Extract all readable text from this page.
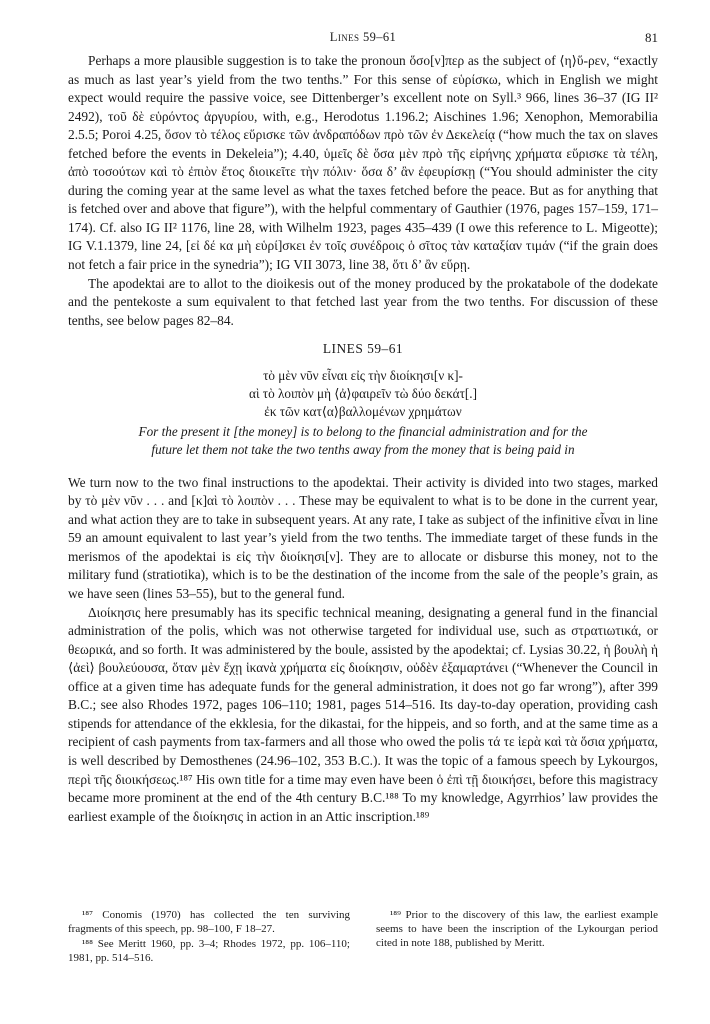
Lines 59–61	81

Perhaps a more plausible suggestion is to take the pronoun ὅσο[ν]περ as the subject of ⟨η⟩ὕ-ρεν, “exactly as much as last year’s yield from the two tenths.” For this sense of εὑρίσκω, which in English we might expect would require the passive voice, see Dittenberger’s excellent note on Syll.³ 966, lines 36–37 (IG II² 2492), τοῦ δὲ εὑρόντος ἀργυρίου, with, e.g., Herodotus 1.196.2; Aischines 1.96; Xenophon, Memorabilia 2.5.5; Poroi 4.25, ὅσον τὸ τέλος εὕρισκε τῶν ἀνδραπόδων πρὸ τῶν ἐν Δεκελείᾳ (“how much the tax on slaves fetched before the events in Dekeleia”); 4.40, ὑμεῖς δὲ ὅσα μὲν πρὸ τῆς εἰρήνης χρήματα εὕρισκε τὰ τέλη, ἀπὸ τοσούτων καὶ τὸ ἐπιὸν ἔτος διοικεῖτε τὴν πόλιν· ὅσα δ’ ἂν ἐφευρίσκῃ (“You should administer the city during the coming year at the same level as what the taxes fetched before the peace. But as for anything that is fetched over and above that figure”), with the helpful commentary of Gauthier (1976, pages 157–159, 171–174). Cf. also IG II² 1176, line 28, with Wilhelm 1923, pages 435–439 (I owe this reference to L. Migeotte); IG V.1.1379, line 24, [εἰ δέ κα μὴ εὑρί]σκει ἐν τοῖς συνέδροις ὁ σῖτος τὰν καταξίαν τιμάν (“if the grain does not fetch a fair price in the synedria”); IG VII 3073, line 38, ὅτι δ’ ἂν εὕρῃ.

The apodektai are to allot to the dioikesis out of the money produced by the prokatabole of the dodekate and the pentekoste a sum equivalent to that fetched last year from the two tenths. For discussion of these tenths, see below pages 82–84.

LINES 59–61
τὸ μὲν νῦν εἶναι εἰς τὴν διοίκησι[ν κ]-
αὶ τὸ λοιπὸν μὴ ⟨ἀ⟩φαιρεῖν τὼ δύο δεκάτ[.]
ἐκ τῶν κατ⟨α⟩βαλλομένων χρημάτων
For the present it [the money] is to belong to the financial administration and for the
future let them not take the two tenths away from the money that is being paid in

We turn now to the two final instructions to the apodektai. Their activity is divided into two stages, marked by τὸ μὲν νῦν . . . and [κ]αὶ τὸ λοιπὸν . . . These may be equivalent to what is to be done in the current year, and what action they are to take in subsequent years. At any rate, I take as subject of the infinitive εἶναι in line 59 an amount equivalent to last year’s yield from the two tenths. The immediate target of these funds in the merismos of the apodektai is εἰς τὴν διοίκησι[ν]. They are to allocate or disburse this money, not to the military fund (stratiotika), which is to be the destination of the income from the sale of the people’s grain, as we have seen (lines 53–55), but to the general fund.

Διοίκησις here presumably has its specific technical meaning, designating a general fund in the financial administration of the polis, which was not otherwise targeted for individual use, such as στρατιωτικά, or θεωρικά, and so forth. It was administered by the boule, assisted by the apodektai; cf. Lysias 30.22, ἡ βουλὴ ἡ ⟨ἀεὶ⟩ βουλεύουσα, ὅταν μὲν ἔχῃ ἱκανὰ χρήματα εἰς διοίκησιν, οὐδὲν ἐξαμαρτάνει (“Whenever the Council in office at a given time has adequate funds for the general administration, it does not go far wrong”), after 399 B.C.; see also Rhodes 1972, pages 106–110; 1981, pages 514–516. Its day-to-day operation, providing cash stipends for attendance of the ekklesia, for the dikastai, for the hippeis, and so forth, and at the same time as a recipient of cash payments from tax-farmers and all those who owed the polis τά τε ἱερὰ καὶ τὰ ὅσια χρήματα, is well described by Demosthenes (24.96–102, 353 B.C.). It was the topic of a famous speech by Lykourgos, περὶ τῆς διοικήσεως.¹⁸⁷ His own title for a time may even have been ὁ ἐπὶ τῇ διοικήσει, before this magistracy became more prominent at the end of the 4th century B.C.¹⁸⁸ To my knowledge, Agyrrhios’ law provides the earliest example of the διοίκησις in action in an Attic inscription.¹⁸⁹

¹⁸⁷ Conomis (1970) has collected the ten surviving fragments of this speech, pp. 98–100, F 18–27.

¹⁸⁸ See Meritt 1960, pp. 3–4; Rhodes 1972, pp. 106–110; 1981, pp. 514–516.

¹⁸⁹ Prior to the discovery of this law, the earliest example seems to have been the inscription of the Lykourgan period cited in note 188, published by Meritt.
